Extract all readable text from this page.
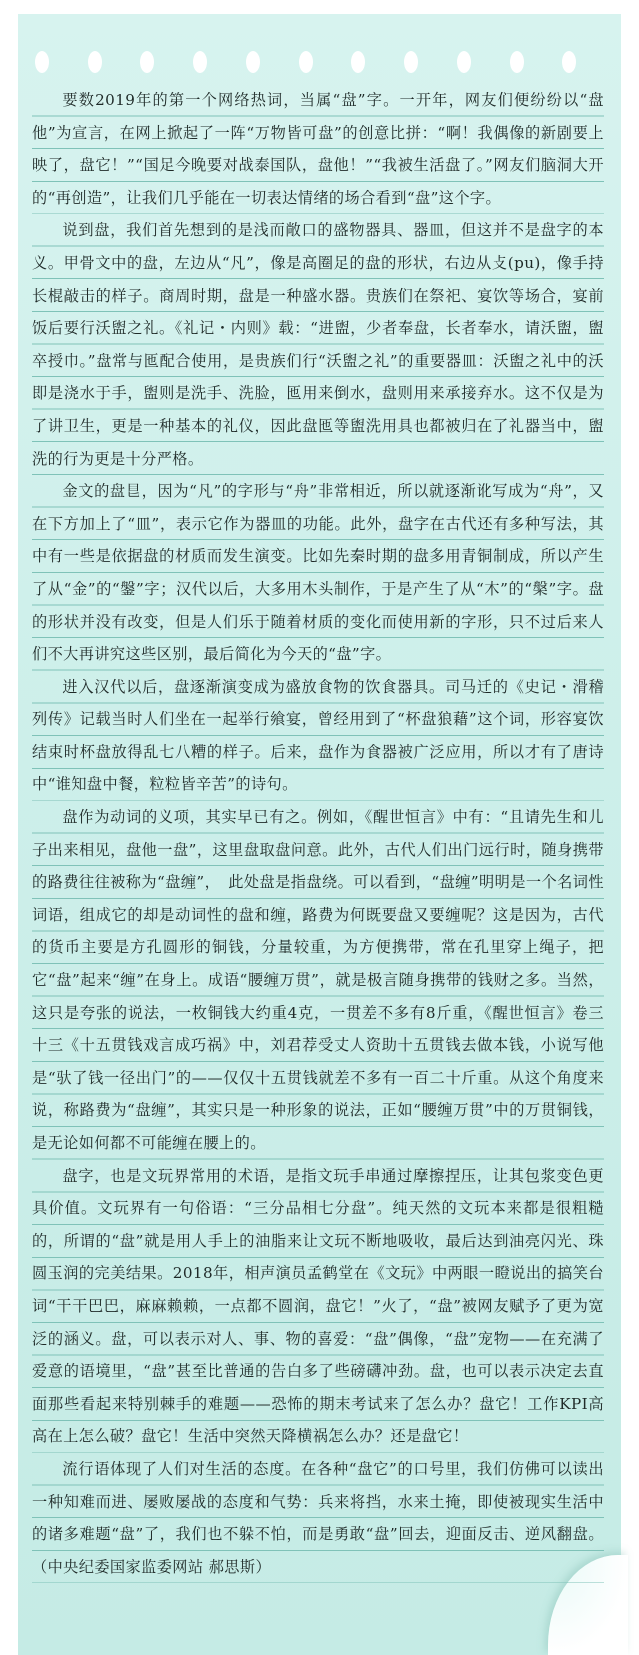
要数2019年的第一个网络热词，当属“盘”字。一开年，网友们便纷纷以“盘他”为宣言，在网上掀起了一阵“万物皆可盘”的创意比拼：“啊！我偶像的新剧要上映了，盘它！”“国足今晚要对战泰国队，盘他！”“我被生活盘了。”网友们脑洞大开的“再创造”，让我们几乎能在一切表达情绪的场合看到“盘”这个字。

说到盘，我们首先想到的是浅而敞口的盛物器具、器皿，但这并不是盘字的本义。甲骨文中的盘，左边从“凡”，像是高圈足的盘的形状，右边从攴(pu)，像手持长棍敲击的样子。商周时期，盘是一种盛水器。贵族们在祭祀、宴饮等场合，宴前饭后要行沃盥之礼。《礼记・内则》载：“进盥，少者奉盘，长者奉水，请沃盥，盥卒授巾。”盘常与匜配合使用，是贵族们行“沃盥之礼”的重要器皿：沃盥之礼中的沃即是浇水于手，盥则是洗手、洗脸，匜用来倒水，盘则用来承接弃水。这不仅是为了讲卫生，更是一种基本的礼仪，因此盘匜等盥洗用具也都被归在了礼器当中，盥洗的行为更是十分严格。

金文的盘𥃩，因为“凡”的字形与“舟”非常相近，所以就逐渐讹写成为“舟”，又在下方加上了“皿”，表示它作为器皿的功能。此外，盘字在古代还有多种写法，其中有一些是依据盘的材质而发生演变。比如先秦时期的盘多用青铜制成，所以产生了从“金”的“鎜”字；汉代以后，大多用木头制作，于是产生了从“木”的“槃”字。盘的形状并没有改变，但是人们乐于随着材质的变化而使用新的字形，只不过后来人们不大再讲究这些区别，最后简化为今天的“盘”字。

进入汉代以后，盘逐渐演变成为盛放食物的饮食器具。司马迁的《史记・滑稽列传》记载当时人们坐在一起举行飨宴，曾经用到了“杯盘狼藉”这个词，形容宴饮结束时杯盘放得乱七八糟的样子。后来，盘作为食器被广泛应用，所以才有了唐诗中“谁知盘中餐，粒粒皆辛苦”的诗句。

盘作为动词的义项，其实早已有之。例如，《醒世恒言》中有：“且请先生和儿子出来相见，盘他一盘”，这里盘取盘问意。此外，古代人们出门远行时，随身携带的路费往往被称为“盘缠”，　此处盘是指盘绕。可以看到，“盘缠”明明是一个名词性词语，组成它的却是动词性的盘和缠，路费为何既要盘又要缠呢？这是因为，古代的货币主要是方孔圆形的铜钱，分量较重，为方便携带，常在孔里穿上绳子，把它“盘”起来“缠”在身上。成语“腰缠万贯”，就是极言随身携带的钱财之多。当然，这只是夸张的说法，一枚铜钱大约重4克，一贯差不多有8斤重，《醒世恒言》卷三十三《十五贯钱戏言成巧祸》中，刘君荐受丈人资助十五贯钱去做本钱，小说写他是“驮了钱一径出门”的——仅仅十五贯钱就差不多有一百二十斤重。从这个角度来说，称路费为“盘缠”，其实只是一种形象的说法，正如“腰缠万贯”中的万贯铜钱，是无论如何都不可能缠在腰上的。

盘字，也是文玩界常用的术语，是指文玩手串通过摩擦捏压，让其包浆变色更具价值。文玩界有一句俗语：“三分品相七分盘”。纯天然的文玩本来都是很粗糙的，所谓的“盘”就是用人手上的油脂来让文玩不断地吸收，最后达到油亮闪光、珠圆玉润的完美结果。2018年，相声演员孟鹤堂在《文玩》中两眼一瞪说出的搞笑台词“干干巴巴，麻麻赖赖，一点都不圆润，盘它！”火了，“盘”被网友赋予了更为宽泛的涵义。盘，可以表示对人、事、物的喜爱：“盘”偶像，“盘”宠物——在充满了爱意的语境里，“盘”甚至比普通的告白多了些磅礴冲劲。盘，也可以表示决定去直面那些看起来特别棘手的难题——恐怖的期末考试来了怎么办？盘它！工作KPI高高在上怎么破？盘它！生活中突然天降横祸怎么办？还是盘它！

流行语体现了人们对生活的态度。在各种“盘它”的口号里，我们仿佛可以读出一种知难而进、屡败屡战的态度和气势：兵来将挡，水来土掩，即使被现实生活中的诸多难题“盘”了，我们也不躲不怕，而是勇敢“盘”回去，迎面反击、逆风翻盘。（中央纪委国家监委网站 郝思斯）
